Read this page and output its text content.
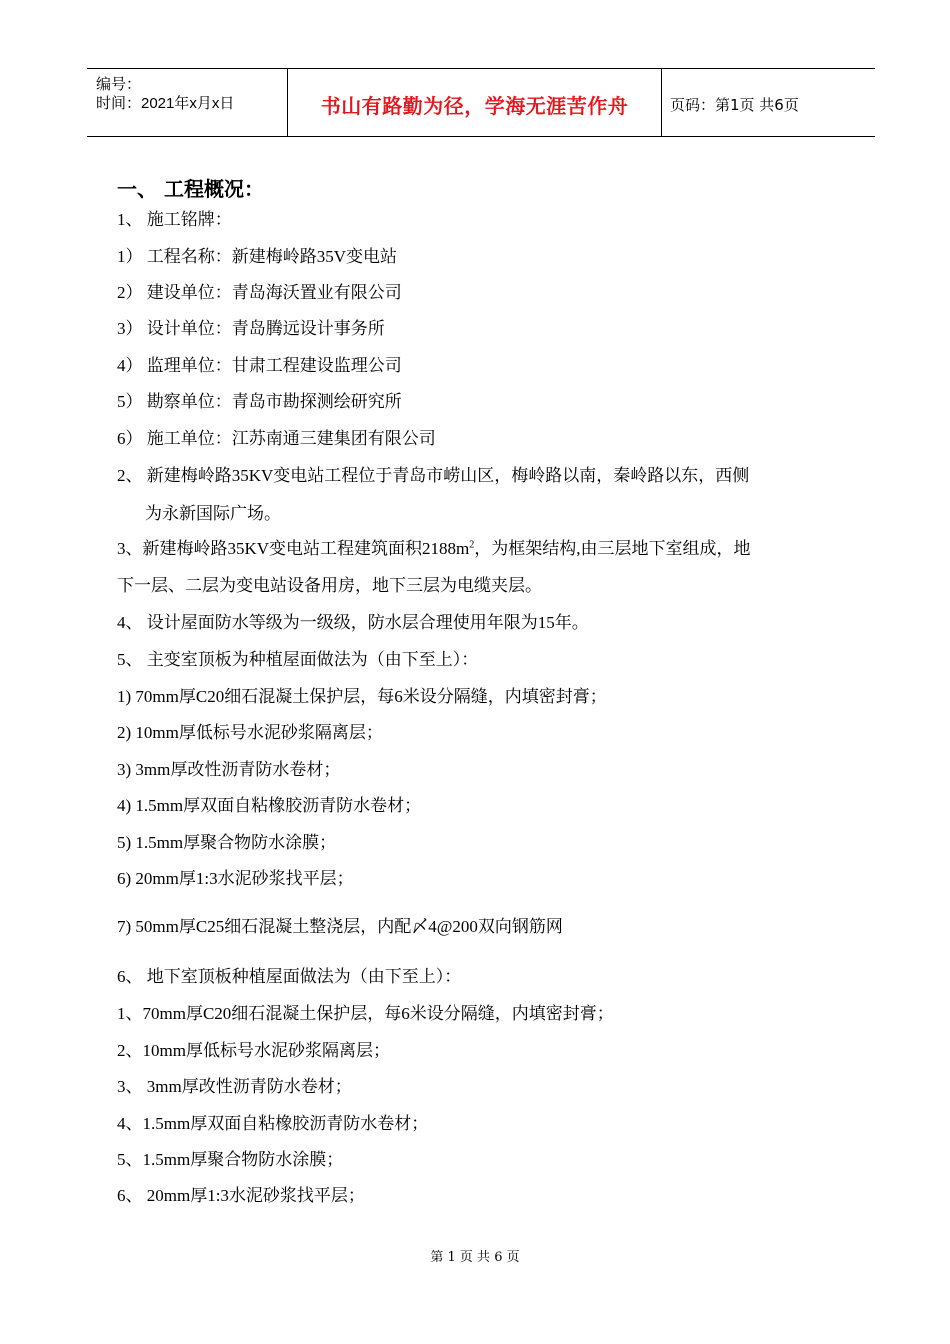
编号：
时间：2021年x月x日	书山有路勤为径，学海无涯苦作舟	页码：第1页 共6页
一、 工程概况：
1、 施工铭牌：
1） 工程名称：新建梅岭路35V变电站
2） 建设单位：青岛海沃置业有限公司
3） 设计单位：青岛腾远设计事务所
4） 监理单位：甘肃工程建设监理公司
5） 勘察单位：青岛市勘探测绘研究所
6） 施工单位：江苏南通三建集团有限公司
2、 新建梅岭路35KV变电站工程位于青岛市崂山区，梅岭路以南，秦岭路以东，西侧
为永新国际广场。
3、新建梅岭路35KV变电站工程建筑面积$2188m^2$，为框架结构,由三层地下室组成，地
下一层、二层为变电站设备用房，地下三层为电缆夹层。
4、 设计屋面防水等级为一级级，防水层合理使用年限为15年。
5、 主变室顶板为种植屋面做法为（由下至上）：
1) 70mm厚C20细石混凝土保护层，每6米设分隔缝，内填密封膏；
2) 10mm厚低标号水泥砂浆隔离层；
3) 3mm厚改性沥青防水卷材；
4) 1.5mm厚双面自粘橡胶沥青防水卷材；
5) 1.5mm厚聚合物防水涂膜；
6) 20mm厚1:3水泥砂浆找平层；
7) 50mm厚C25细石混凝土整浇层，内配〆4@200双向钢筋网
6、 地下室顶板种植屋面做法为（由下至上）：
1、70mm厚C20细石混凝土保护层，每6米设分隔缝，内填密封膏；
2、10mm厚低标号水泥砂浆隔离层；
3、 3mm厚改性沥青防水卷材；
4、1.5mm厚双面自粘橡胶沥青防水卷材；
5、1.5mm厚聚合物防水涂膜；
6、 20mm厚1:3水泥砂浆找平层；
第 1 页 共 6 页
